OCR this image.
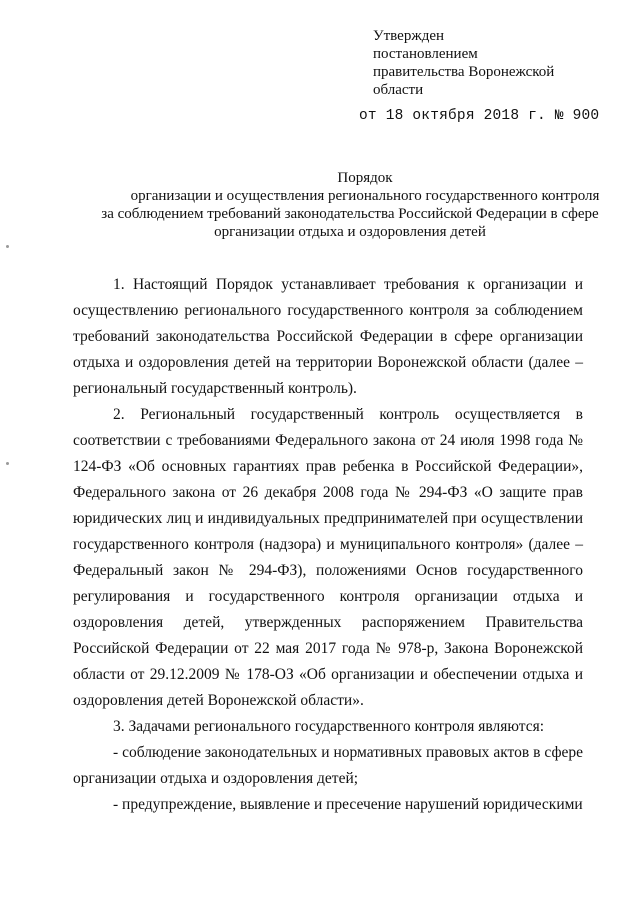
Утвержден
постановлением
правительства Воронежской
области
от 18 октября 2018 г. № 900
Порядок
организации и осуществления регионального государственного контроля
за соблюдением требований законодательства Российской Федерации в сфере
организации отдыха и оздоровления детей

1. Настоящий Порядок устанавливает требования к организации и осуществлению регионального государственного контроля за соблюдением требований законодательства Российской Федерации в сфере организации отдыха и оздоровления детей на территории Воронежской области (далее – региональный государственный контроль).

2. Региональный государственный контроль осуществляется в соответствии с требованиями Федерального закона от 24 июля 1998 года № 124-ФЗ «Об основных гарантиях прав ребенка в Российской Федерации», Федерального закона от 26 декабря 2008 года № 294-ФЗ «О защите прав юридических лиц и индивидуальных предпринимателей при осуществлении государственного контроля (надзора) и муниципального контроля» (далее – Федеральный закон № 294-ФЗ), положениями Основ государственного регулирования и государственного контроля организации отдыха и оздоровления детей, утвержденных распоряжением Правительства Российской Федерации от 22 мая 2017 года № 978-р, Закона Воронежской области от 29.12.2009 № 178-ОЗ «Об организации и обеспечении отдыха и оздоровления детей Воронежской области».

3. Задачами регионального государственного контроля являются:

- соблюдение законодательных и нормативных правовых актов в сфере организации отдыха и оздоровления детей;

- предупреждение, выявление и пресечение нарушений юридическими
